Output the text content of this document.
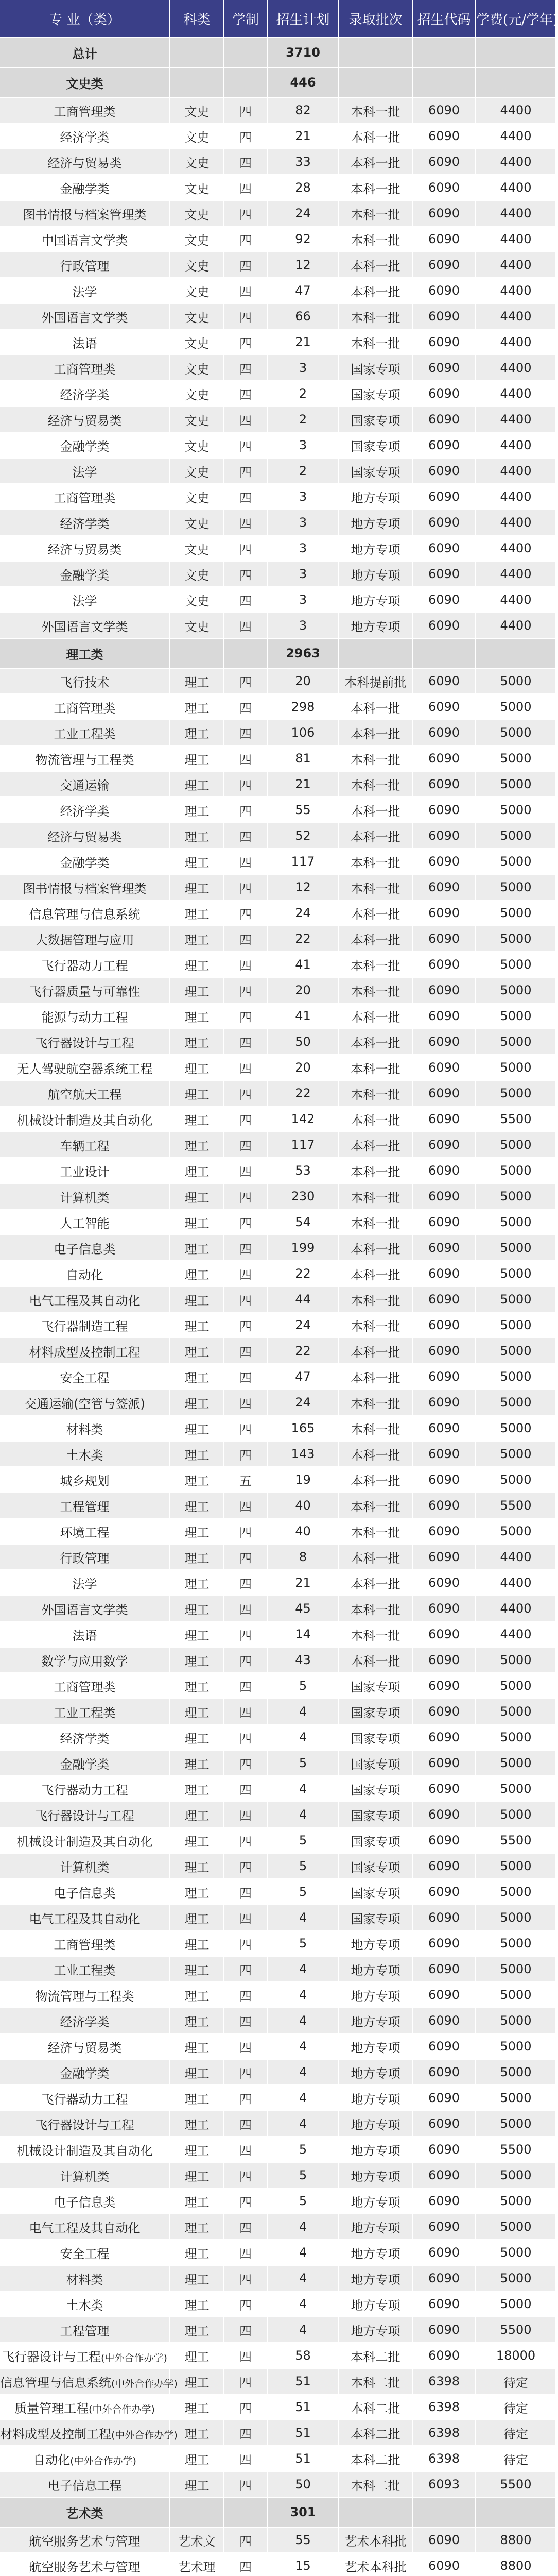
专 业（类）	科类	学制	招生计划	录取批次	招生代码	学费(元/学年)
总计			3710			
文史类			446			
工商管理类	文史	四	82	本科一批	6090	4400
经济学类	文史	四	21	本科一批	6090	4400
经济与贸易类	文史	四	33	本科一批	6090	4400
金融学类	文史	四	28	本科一批	6090	4400
图书情报与档案管理类	文史	四	24	本科一批	6090	4400
中国语言文学类	文史	四	92	本科一批	6090	4400
行政管理	文史	四	12	本科一批	6090	4400
法学	文史	四	47	本科一批	6090	4400
外国语言文学类	文史	四	66	本科一批	6090	4400
法语	文史	四	21	本科一批	6090	4400
工商管理类	文史	四	3	国家专项	6090	4400
经济学类	文史	四	2	国家专项	6090	4400
经济与贸易类	文史	四	2	国家专项	6090	4400
金融学类	文史	四	3	国家专项	6090	4400
法学	文史	四	2	国家专项	6090	4400
工商管理类	文史	四	3	地方专项	6090	4400
经济学类	文史	四	3	地方专项	6090	4400
经济与贸易类	文史	四	3	地方专项	6090	4400
金融学类	文史	四	3	地方专项	6090	4400
法学	文史	四	3	地方专项	6090	4400
外国语言文学类	文史	四	3	地方专项	6090	4400
理工类			2963			
飞行技术	理工	四	20	本科提前批	6090	5000
工商管理类	理工	四	298	本科一批	6090	5000
工业工程类	理工	四	106	本科一批	6090	5000
物流管理与工程类	理工	四	81	本科一批	6090	5000
交通运输	理工	四	21	本科一批	6090	5000
经济学类	理工	四	55	本科一批	6090	5000
经济与贸易类	理工	四	52	本科一批	6090	5000
金融学类	理工	四	117	本科一批	6090	5000
图书情报与档案管理类	理工	四	12	本科一批	6090	5000
信息管理与信息系统	理工	四	24	本科一批	6090	5000
大数据管理与应用	理工	四	22	本科一批	6090	5000
飞行器动力工程	理工	四	41	本科一批	6090	5000
飞行器质量与可靠性	理工	四	20	本科一批	6090	5000
能源与动力工程	理工	四	41	本科一批	6090	5000
飞行器设计与工程	理工	四	50	本科一批	6090	5000
无人驾驶航空器系统工程	理工	四	20	本科一批	6090	5000
航空航天工程	理工	四	22	本科一批	6090	5000
机械设计制造及其自动化	理工	四	142	本科一批	6090	5500
车辆工程	理工	四	117	本科一批	6090	5000
工业设计	理工	四	53	本科一批	6090	5000
计算机类	理工	四	230	本科一批	6090	5000
人工智能	理工	四	54	本科一批	6090	5000
电子信息类	理工	四	199	本科一批	6090	5000
自动化	理工	四	22	本科一批	6090	5000
电气工程及其自动化	理工	四	44	本科一批	6090	5000
飞行器制造工程	理工	四	24	本科一批	6090	5000
材料成型及控制工程	理工	四	22	本科一批	6090	5000
安全工程	理工	四	47	本科一批	6090	5000
交通运输(空管与签派)	理工	四	24	本科一批	6090	5000
材料类	理工	四	165	本科一批	6090	5000
土木类	理工	四	143	本科一批	6090	5000
城乡规划	理工	五	19	本科一批	6090	5000
工程管理	理工	四	40	本科一批	6090	5500
环境工程	理工	四	40	本科一批	6090	5000
行政管理	理工	四	8	本科一批	6090	4400
法学	理工	四	21	本科一批	6090	4400
外国语言文学类	理工	四	45	本科一批	6090	4400
法语	理工	四	14	本科一批	6090	4400
数学与应用数学	理工	四	43	本科一批	6090	5000
工商管理类	理工	四	5	国家专项	6090	5000
工业工程类	理工	四	4	国家专项	6090	5000
经济学类	理工	四	4	国家专项	6090	5000
金融学类	理工	四	5	国家专项	6090	5000
飞行器动力工程	理工	四	4	国家专项	6090	5000
飞行器设计与工程	理工	四	4	国家专项	6090	5000
机械设计制造及其自动化	理工	四	5	国家专项	6090	5500
计算机类	理工	四	5	国家专项	6090	5000
电子信息类	理工	四	5	国家专项	6090	5000
电气工程及其自动化	理工	四	4	国家专项	6090	5000
工商管理类	理工	四	5	地方专项	6090	5000
工业工程类	理工	四	4	地方专项	6090	5000
物流管理与工程类	理工	四	4	地方专项	6090	5000
经济学类	理工	四	4	地方专项	6090	5000
经济与贸易类	理工	四	4	地方专项	6090	5000
金融学类	理工	四	4	地方专项	6090	5000
飞行器动力工程	理工	四	4	地方专项	6090	5000
飞行器设计与工程	理工	四	4	地方专项	6090	5000
机械设计制造及其自动化	理工	四	5	地方专项	6090	5500
计算机类	理工	四	5	地方专项	6090	5000
电子信息类	理工	四	5	地方专项	6090	5000
电气工程及其自动化	理工	四	4	地方专项	6090	5000
安全工程	理工	四	4	地方专项	6090	5000
材料类	理工	四	4	地方专项	6090	5000
土木类	理工	四	4	地方专项	6090	5000
工程管理	理工	四	4	地方专项	6090	5500
飞行器设计与工程(中外合作办学)	理工	四	58	本科二批	6090	18000
信息管理与信息系统(中外合作办学)	理工	四	51	本科二批	6398	待定
质量管理工程(中外合作办学)	理工	四	51	本科二批	6398	待定
材料成型及控制工程(中外合作办学)	理工	四	51	本科二批	6398	待定
自动化(中外合作办学)	理工	四	51	本科二批	6398	待定
电子信息工程	理工	四	50	本科二批	6093	5500
艺术类			301			
航空服务艺术与管理	艺术文	四	55	艺术本科批	6090	8800
航空服务艺术与管理	艺术理	四	15	艺术本科批	6090	8800
